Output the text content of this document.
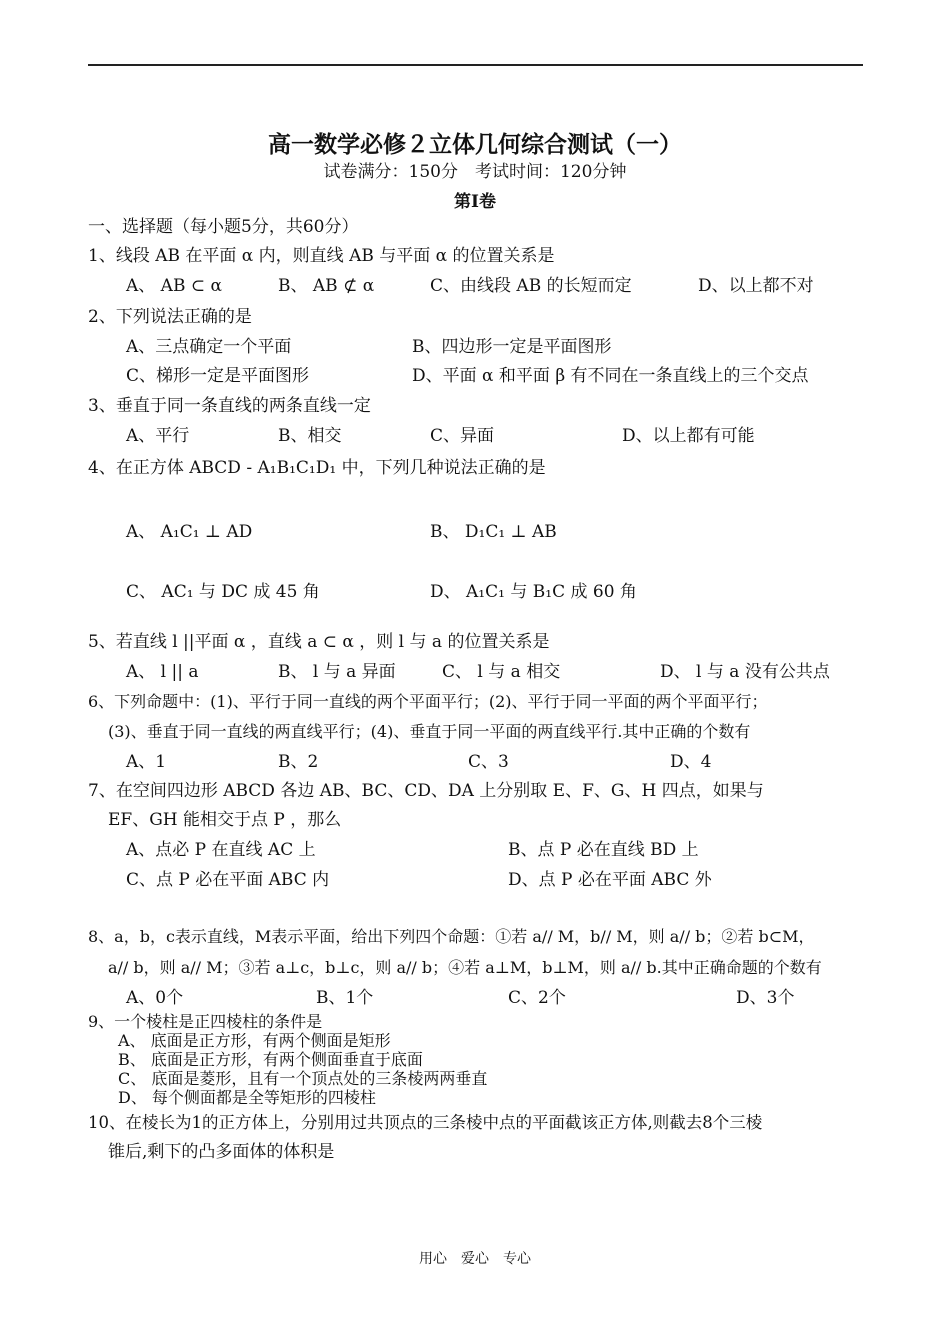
高一数学必修２立体几何综合测试（一）
试卷满分：150分　考试时间：120分钟
第Ⅰ卷
一、选择题（每小题5分，共60分）
1、线段 AB 在平面 α 内，则直线 AB 与平面 α 的位置关系是
A、 AB ⊂ α	B、 AB ⊄ α	C、由线段 AB 的长短而定	D、以上都不对
2、下列说法正确的是
A、三点确定一个平面	B、四边形一定是平面图形
C、梯形一定是平面图形	D、平面 α 和平面 β 有不同在一条直线上的三个交点
3、垂直于同一条直线的两条直线一定
A、平行	B、相交	C、异面	D、以上都有可能
4、在正方体 ABCD - A₁B₁C₁D₁ 中，下列几种说法正确的是
A、 A₁C₁ ⊥ AD	B、 D₁C₁ ⊥ AB
C、 AC₁ 与 DC 成 45 角	D、 A₁C₁ 与 B₁C 成 60 角
5、若直线 l ||平面 α ，直线 a ⊂ α ，则 l 与 a 的位置关系是
A、 l || a	B、 l 与 a 异面	C、 l 与 a 相交	D、 l 与 a 没有公共点
6、下列命题中：(1)、平行于同一直线的两个平面平行；(2)、平行于同一平面的两个平面平行；
(3)、垂直于同一直线的两直线平行；(4)、垂直于同一平面的两直线平行.其中正确的个数有
A、1	B、2	C、3	D、4
7、在空间四边形 ABCD 各边 AB、BC、CD、DA 上分别取 E、F、G、H 四点，如果与
EF、GH 能相交于点 P ，那么
A、点必 P 在直线 AC 上	B、点 P 必在直线 BD 上
C、点 P 必在平面 ABC 内	D、点 P 必在平面 ABC 外
8、a，b，c表示直线，M表示平面，给出下列四个命题：①若 a// M，b// M，则 a// b；②若 b⊂M，
a// b，则 a// M；③若 a⊥c，b⊥c，则 a// b；④若 a⊥M，b⊥M，则 a// b.其中正确命题的个数有
A、0个	B、1个	C、2个	D、3个
9、一个棱柱是正四棱柱的条件是
A、 底面是正方形，有两个侧面是矩形
B、 底面是正方形，有两个侧面垂直于底面
C、 底面是菱形，且有一个顶点处的三条棱两两垂直
D、 每个侧面都是全等矩形的四棱柱
10、在棱长为1的正方体上，分别用过共顶点的三条棱中点的平面截该正方体,则截去8个三棱
锥后,剩下的凸多面体的体积是
用心　爱心　专心
